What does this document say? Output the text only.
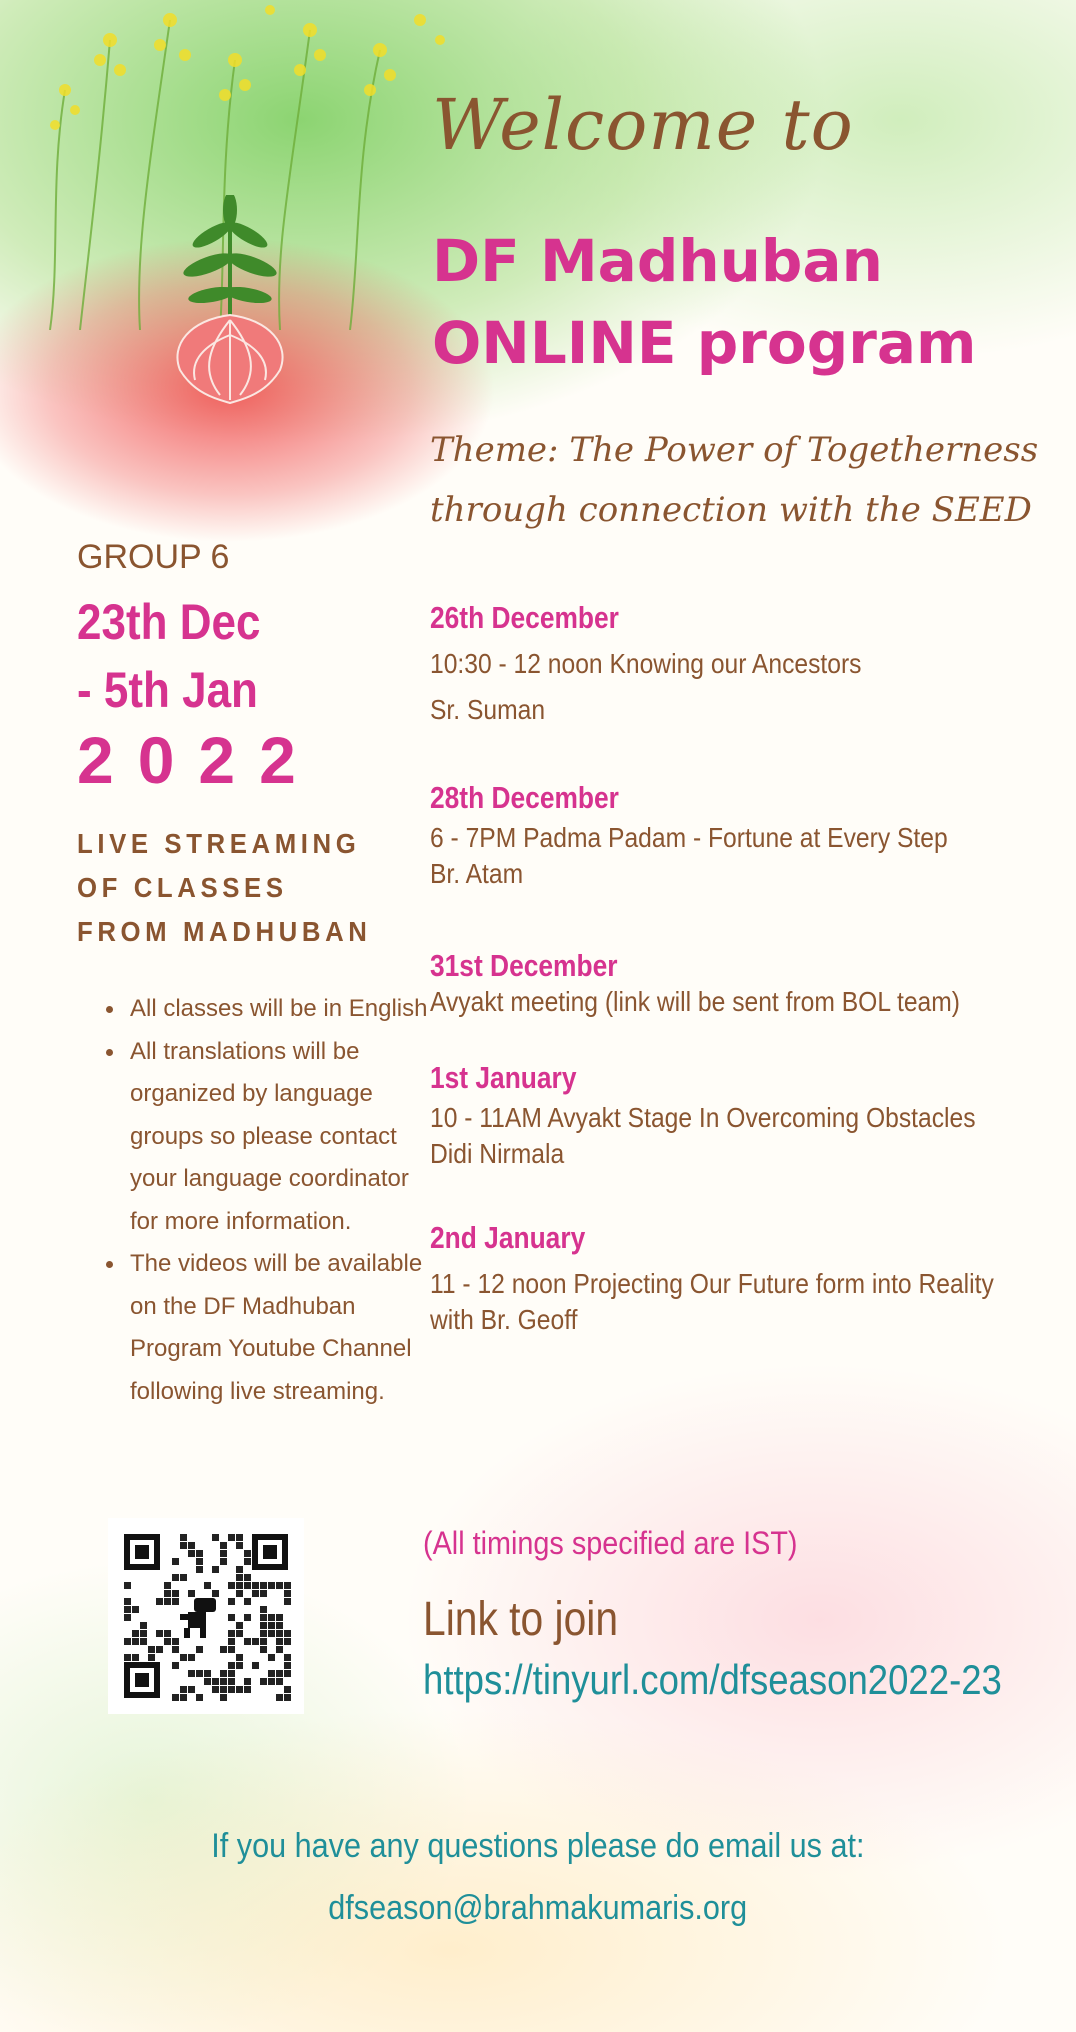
Welcome to
DF Madhuban
ONLINE program
Theme: The Power of Togetherness
through connection with the SEED
GROUP 6
23th Dec
- 5th Jan
2022
LIVE STREAMING
OF CLASSES
FROM MADHUBAN
• All classes will be in English
• All translations will be organized by language groups so please contact your language coordinator for more information.
• The videos will be available on the DF Madhuban Program Youtube Channel following live streaming.
26th December
10:30 - 12 noon Knowing our Ancestors
Sr. Suman
28th December
6 - 7PM Padma Padam - Fortune at Every Step
Br. Atam
31st December
Avyakt meeting (link will be sent from BOL team)
1st January
10 - 11AM Avyakt Stage In Overcoming Obstacles
Didi Nirmala
2nd January
11 - 12 noon Projecting Our Future form into Reality
with Br. Geoff
(All timings specified are IST)
Link to join
https://tinyurl.com/dfseason2022-23
If you have any questions please do email us at:
dfseason@brahmakumaris.org
